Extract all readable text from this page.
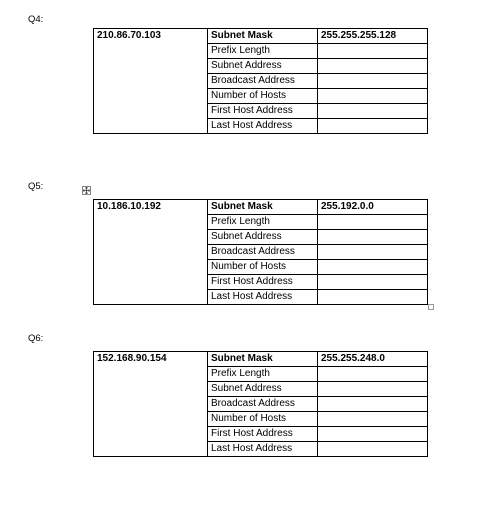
Q4:
210.86.70.103	Subnet Mask	255.255.255.128
	Prefix Length	
	Subnet Address	
	Broadcast Address	
	Number of Hosts	
	First Host Address	
	Last Host Address	
Q5:
10.186.10.192	Subnet Mask	255.192.0.0
	Prefix Length	
	Subnet Address	
	Broadcast Address	
	Number of Hosts	
	First Host Address	
	Last Host Address	
Q6:
152.168.90.154	Subnet Mask	255.255.248.0
	Prefix Length	
	Subnet Address	
	Broadcast Address	
	Number of Hosts	
	First Host Address	
	Last Host Address	
